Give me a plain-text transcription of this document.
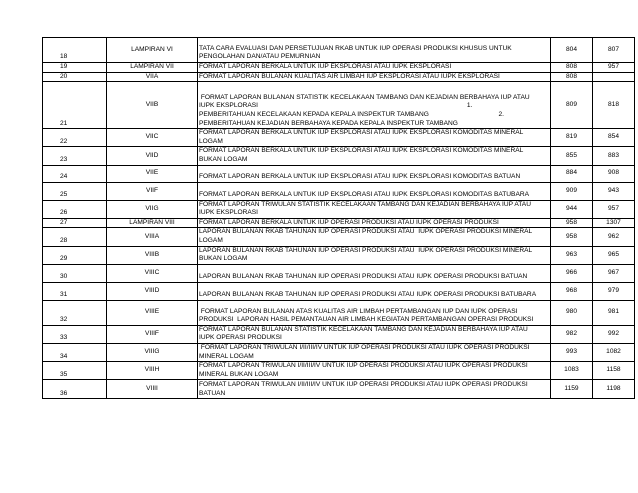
18	LAMPIRAN VI	TATA CARA EVALUASI DAN PERSETUJUAN RKAB UNTUK IUP OPERASI PRODUKSI KHUSUS UNTUK
PENGOLAHAN DAN/ATAU PEMURNIAN	804	807
19	LAMPIRAN VII	FORMAT LAPORAN BERKALA UNTUK IUP EKSPLORASI ATAU IUPK EKSPLORASI	808	957
20	VIIA	FORMAT LAPORAN BULANAN KUALITAS AIR LIMBAH IUP EKSPLORASI ATAU IUPK EKSPLORASI	808	
21	VIIB	FORMAT LAPORAN BULANAN STATISTIK KECELAKAAN TAMBANG DAN KEJADIAN BERBAHAYA IUP ATAU
IUPK EKSPLORASI                                                                                                                  1.
PEMBERITAHUAN KECELAKAAN KEPADA KEPALA INSPEKTUR TAMBANG                                      2.
PEMBERITAHUAN KEJADIAN BERBAHAYA KEPADA KEPALA INSPEKTUR TAMBANG	809	818
22	VIIC	FORMAT LAPORAN BERKALA UNTUK IUP EKSPLORASI ATAU IUPK EKSPLORASI KOMODITAS MINERAL
LOGAM	819	854
23	VIID	FORMAT LAPORAN BERKALA UNTUK IUP EKSPLORASI ATAU IUPK EKSPLORASI KOMODITAS MINERAL
BUKAN LOGAM	855	883
24	VIIE	FORMAT LAPORAN BERKALA UNTUK IUP EKSPLORASI ATAU IUPK EKSPLORASI KOMODITAS BATUAN	884	908
25	VIIF	FORMAT LAPORAN BERKALA UNTUK IUP EKSPLORASI ATAU IUPK EKSPLORASI KOMODITAS BATUBARA	909	943
26	VIIG	FORMAT LAPORAN TRIWULAN STATISTIK KECELAKAAN TAMBANG DAN KEJADIAN BERBAHAYA IUP ATAU
IUPK EKSPLORASI	944	957
27	LAMPIRAN VIII	FORMAT LAPORAN BERKALA UNTUK IUP OPERASI PRODUKSI ATAU IUPK OPERASI PRODUKSI	958	1307
28	VIIIA	LAPORAN BULANAN RKAB TAHUNAN IUP OPERASI PRODUKSI ATAU  IUPK OPERASI PRODUKSI MINERAL
LOGAM	958	962
29	VIIIB	LAPORAN BULANAN RKAB TAHUNAN IUP OPERASI PRODUKSI ATAU  IUPK OPERASI PRODUKSI MINERAL
BUKAN LOGAM	963	965
30	VIIIC	LAPORAN BULANAN RKAB TAHUNAN IUP OPERASI PRODUKSI ATAU IUPK OPERASI PRODUKSI BATUAN	966	967
31	VIIID	LAPORAN BULANAN RKAB TAHUNAN IUP OPERASI PRODUKSI ATAU IUPK OPERASI PRODUKSI BATUBARA	968	979
32	VIIIE	FORMAT LAPORAN BULANAN ATAS KUALITAS AIR LIMBAH PERTAMBANGAN IUP DAN IUPK OPERASI
PRODUKSI  LAPORAN HASIL PEMANTAUAN AIR LIMBAH KEGIATAN PERTAMBANGAN OPERASI PRODUKSI	980	981
33	VIIIF	FORMAT LAPORAN BULANAN STATISTIK KECELAKAAN TAMBANG DAN KEJADIAN BERBAHAYA IUP ATAU
IUPK OPERASI PRODUKSI	982	992
34	VIIIG	FORMAT LAPORAN TRIWULAN I/II/III/IV UNTUK IUP OPERASI PRODUKSI ATAU IUPK OPERASI PRODUKSI
MINERAL LOGAM	993	1082
35	VIIIH	FORMAT LAPORAN TRIWULAN I/II/III/IV UNTUK IUP OPERASI PRODUKSI ATAU IUPK OPERASI PRODUKSI
MINERAL BUKAN LOGAM	1083	1158
36	VIIII	FORMAT LAPORAN TRIWULAN I/II/III/IV UNTUK IUP OPERASI PRODUKSI ATAU IUPK OPERASI PRODUKSI
BATUAN	1159	1198
